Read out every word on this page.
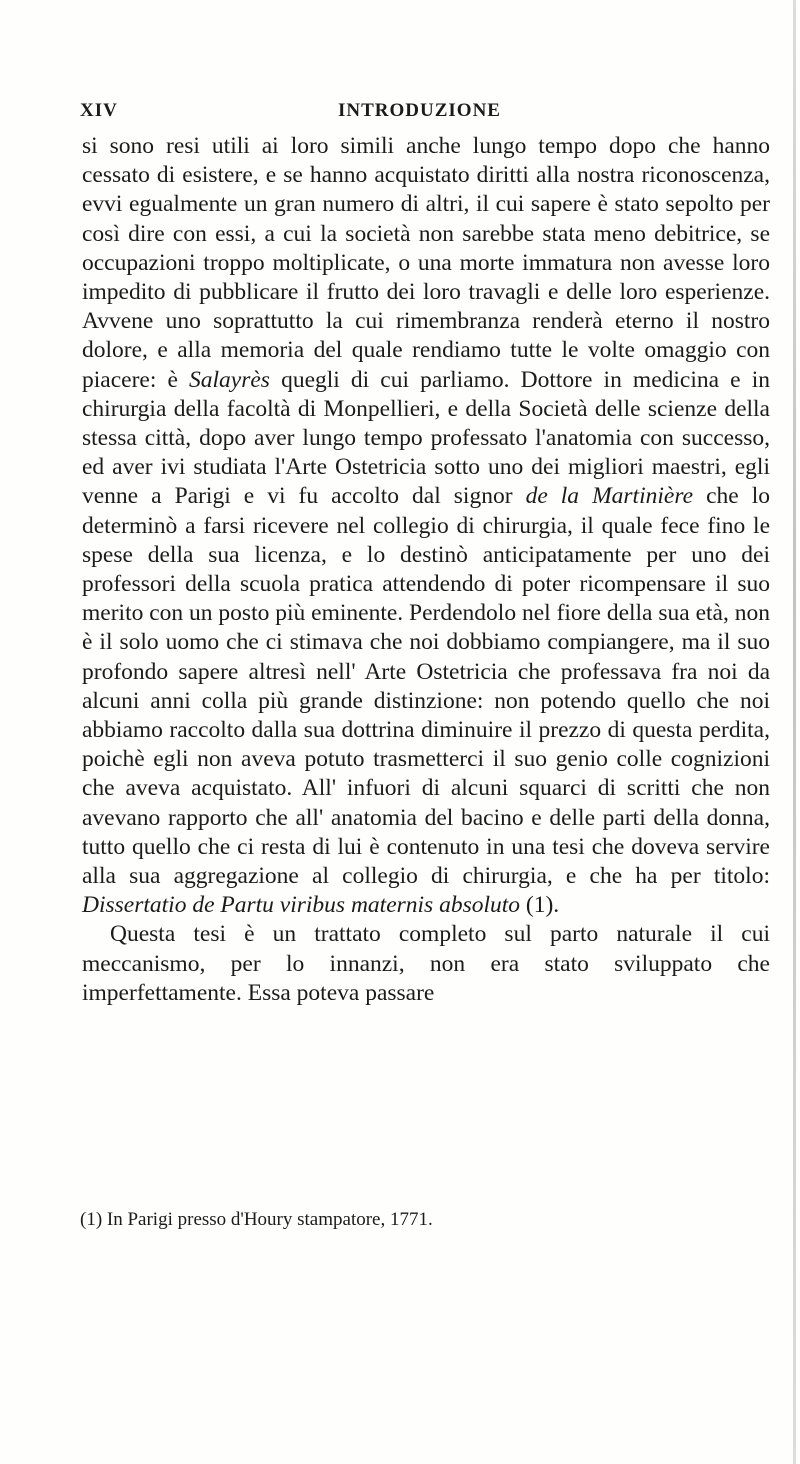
XIV	INTRODUZIONE

si sono resi utili ai loro simili anche lungo tempo dopo che hanno cessato di esistere, e se hanno acquistato diritti alla nostra riconoscenza, evvi egualmente un gran numero di altri, il cui sapere è stato sepolto per così dire con essi, a cui la società non sarebbe stata meno debitrice, se occupazioni troppo moltiplicate, o una morte immatura non avesse loro impedito di pubblicare il frutto dei loro travagli e delle loro esperienze. Avvene uno soprattutto la cui rimembranza renderà eterno il nostro dolore, e alla memoria del quale rendiamo tutte le volte omaggio con piacere: è Salayrès quegli di cui parliamo. Dottore in medicina e in chirurgia della facoltà di Monpellieri, e della Società delle scienze della stessa città, dopo aver lungo tempo professato l'anatomia con successo, ed aver ivi studiata l'Arte Ostetricia sotto uno dei migliori maestri, egli venne a Parigi e vi fu accolto dal signor de la Martinière che lo determinò a farsi ricevere nel collegio di chirurgia, il quale fece fino le spese della sua licenza, e lo destinò anticipatamente per uno dei professori della scuola pratica attendendo di poter ricompensare il suo merito con un posto più eminente. Perdendolo nel fiore della sua età, non è il solo uomo che ci stimava che noi dobbiamo compiangere, ma il suo profondo sapere altresì nell' Arte Ostetricia che professava fra noi da alcuni anni colla più grande distinzione: non potendo quello che noi abbiamo raccolto dalla sua dottrina diminuire il prezzo di questa perdita, poichè egli non aveva potuto trasmetterci il suo genio colle cognizioni che aveva acquistato. All' infuori di alcuni squarci di scritti che non avevano rapporto che all' anatomia del bacino e delle parti della donna, tutto quello che ci resta di lui è contenuto in una tesi che doveva servire alla sua aggregazione al collegio di chirurgia, e che ha per titolo: Dissertatio de Partu viribus maternis absoluto (1).

Questa tesi è un trattato completo sul parto naturale il cui meccanismo, per lo innanzi, non era stato sviluppato che imperfettamente. Essa poteva passare

(1) In Parigi presso d'Houry stampatore, 1771.
